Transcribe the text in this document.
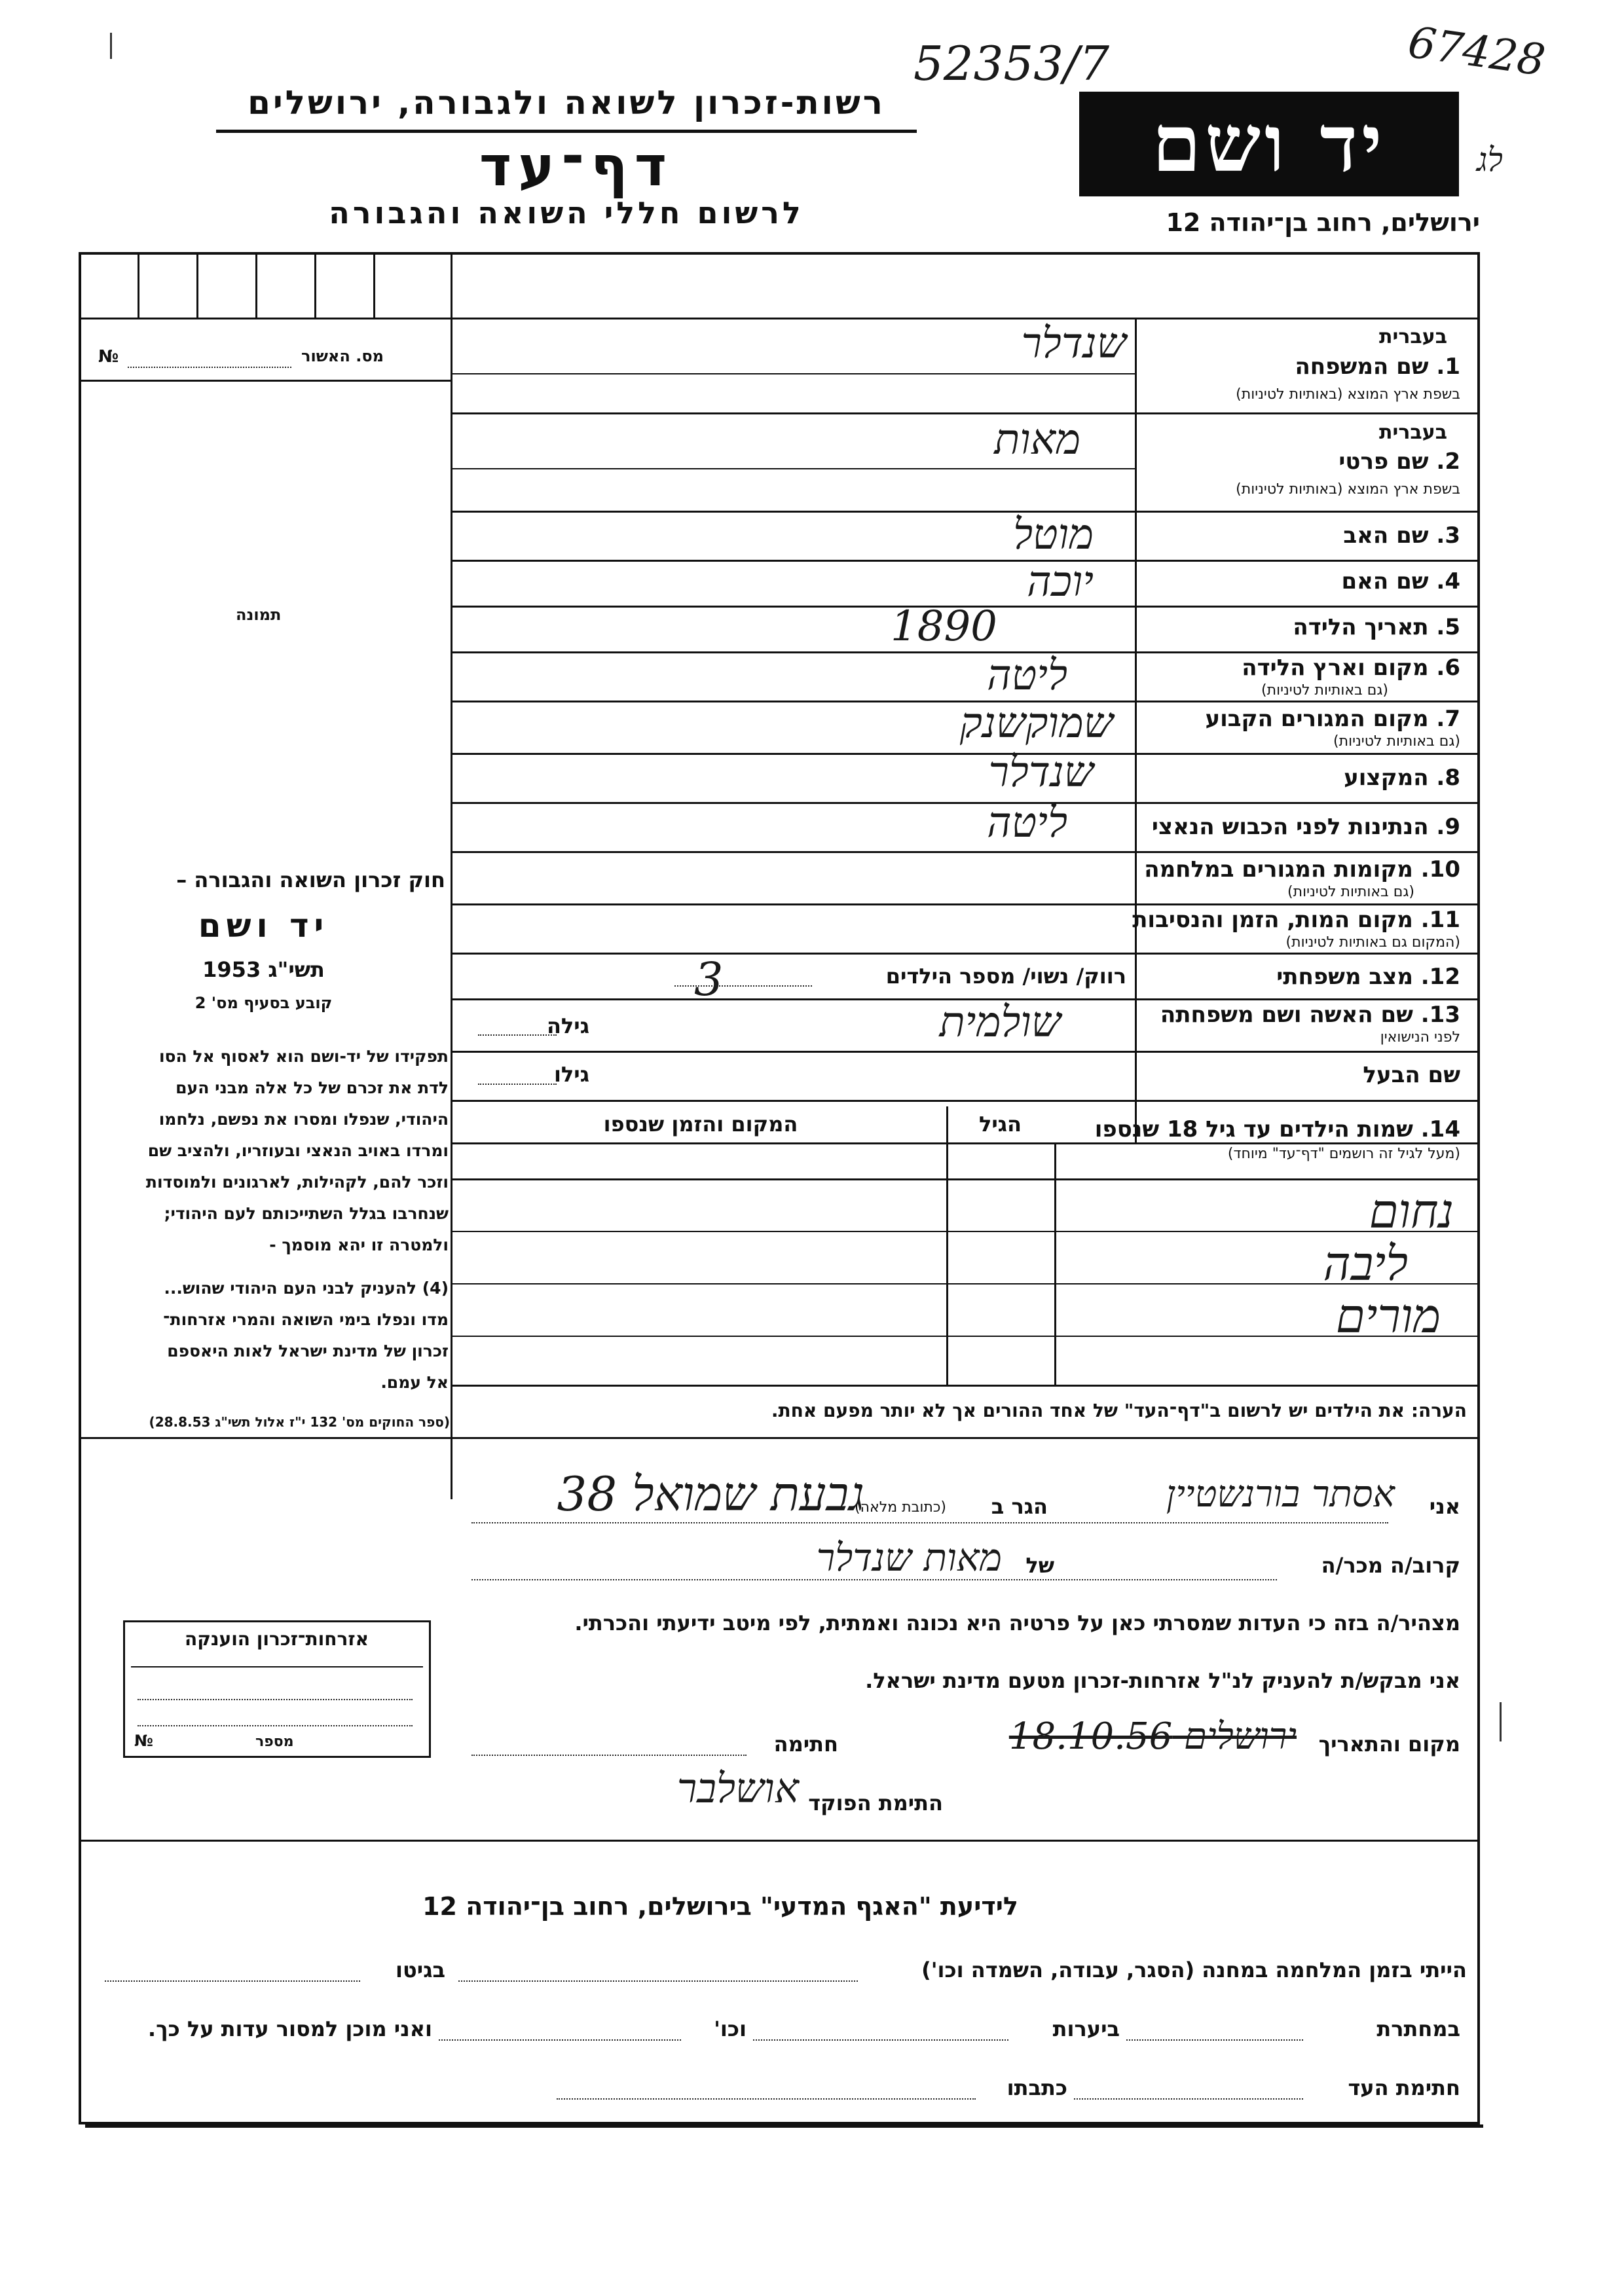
52353/7	67428
לג
רשות-זכרון לשואה ולגבורה, ירושלים
דף־עד
לרשום חללי השואה והגבורה
יד ושם
ירושלים, רחוב בן־יהודה 12
מס. האשור
№
תמונה
חוק זכרון השואה והגבורה –
יד ושם
תשי"ג 1953
קובע בסעיף מס' 2
תפקידו של יד-ושם הוא לאסוף אל הסו
לדת את זכרם של כל אלה מבני העם
היהודי, שנפלו ומסרו את נפשם, נלחמו
ומרדו באויב הנאצי ובעוזריו, ולהציב שם
וזכר להם, לקהילות, לארגונים ולמוסדות
שנחרבו בגלל השתייכותם לעם היהודי;
ולמטרה זו יהא מוסמך -
(4) להעניק לבני העם היהודי שהוש...
מדו ונפלו בימי השואה והמרי אזרחות־
זכרון של מדינת ישראל לאות היאספם
אל עמם.
(ספר החוקים מס' 132 י"ז אלול תשי"ג 28.8.53)
בעברית
1. שם המשפחה
בשפת ארץ המוצא (באותיות לטיניות)
שנדלר
בעברית
2. שם פרטי
בשפת ארץ המוצא (באותיות לטיניות)
מאות
3. שם האב
מוטל
4. שם האם
יוכה
5. תאריך הלידה
1890
6. מקום וארץ הלידה
(גם באותיות לטיניות)
ליטה
7. מקום המגורים הקבוע
(גם באותיות לטיניות)
שמוקשנק
8. המקצוע
שנדלר
9. הנתינות לפני הכבוש הנאצי
ליטה
10. מקומות המגורים במלחמה
(גם באותיות לטיניות)
11. מקום המות, הזמן והנסיבות
(המקום גם באותיות לטיניות)
12. מצב משפחתי
רווק/ נשוי/ מספר הילדים
3
13. שם האשה ושם משפחתה
לפני הנישואין
שולמית
גילה
שם הבעל
גילו
14. שמות הילדים עד גיל 18 שנספו
(מעל לגיל זה רושמים "דף־עד" מיוחד)
הגיל
המקום והזמן שנספו
נחום
ליבה
מורים
הערה: את הילדים יש לרשום ב"דף־העד" של אחד ההורים אך לא יותר מפעם אחת.
אני
אסתר בורנשטיין
הגר ב
(כתובת מלאה)
גבעת שמואל 38
קרוב/ה מכר/ה
של
מאות שנדלר
מצהיר/ה בזה כי העדות שמסרתי כאן על פרטיה היא נכונה ואמתית, לפי מיטב ידיעתי והכרתי.
אני מבקש/ת להעניק לנ"ל אזרחות-זכרון מטעם מדינת ישראל.
מקום והתאריך
ירושלים 18.10.56
חתימה
התימת הפוקד
אושלבר
אזרחות־זכרון הוענקה
מספר
№
לידיעת "האגף המדעי" בירושלים, רחוב בן־יהודה 12
הייתי בזמן המלחמה במחנה (הסגר, עבודה, השמדה וכו')
בגיטו
במחתרת
ביערות
וכו'
ואני מוכן למסור עדות על כך.
חתימת העד
כתבתו
